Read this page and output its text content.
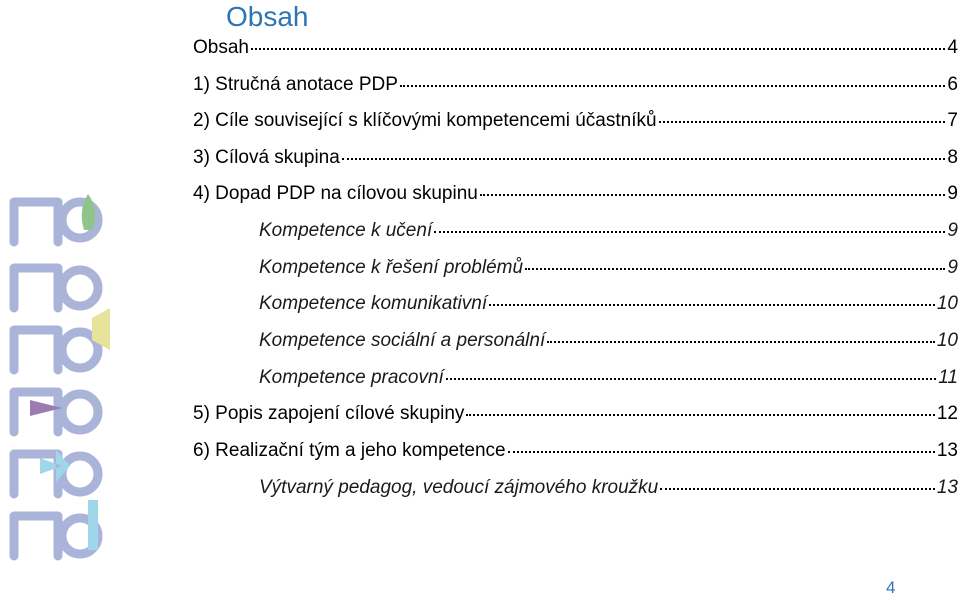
Obsah
Obsah	4
1) Stručná anotace PDP	6
2) Cíle související s klíčovými kompetencemi účastníků	7
3) Cílová skupina	8
4) Dopad PDP na cílovou skupinu	9
Kompetence k učení	9
Kompetence k řešení problémů	9
Kompetence komunikativní	10
Kompetence sociální a personální	10
Kompetence pracovní	11
5) Popis zapojení cílové skupiny	12
6) Realizační tým a jeho kompetence	13
Výtvarný pedagog, vedoucí zájmového kroužku	13
4
